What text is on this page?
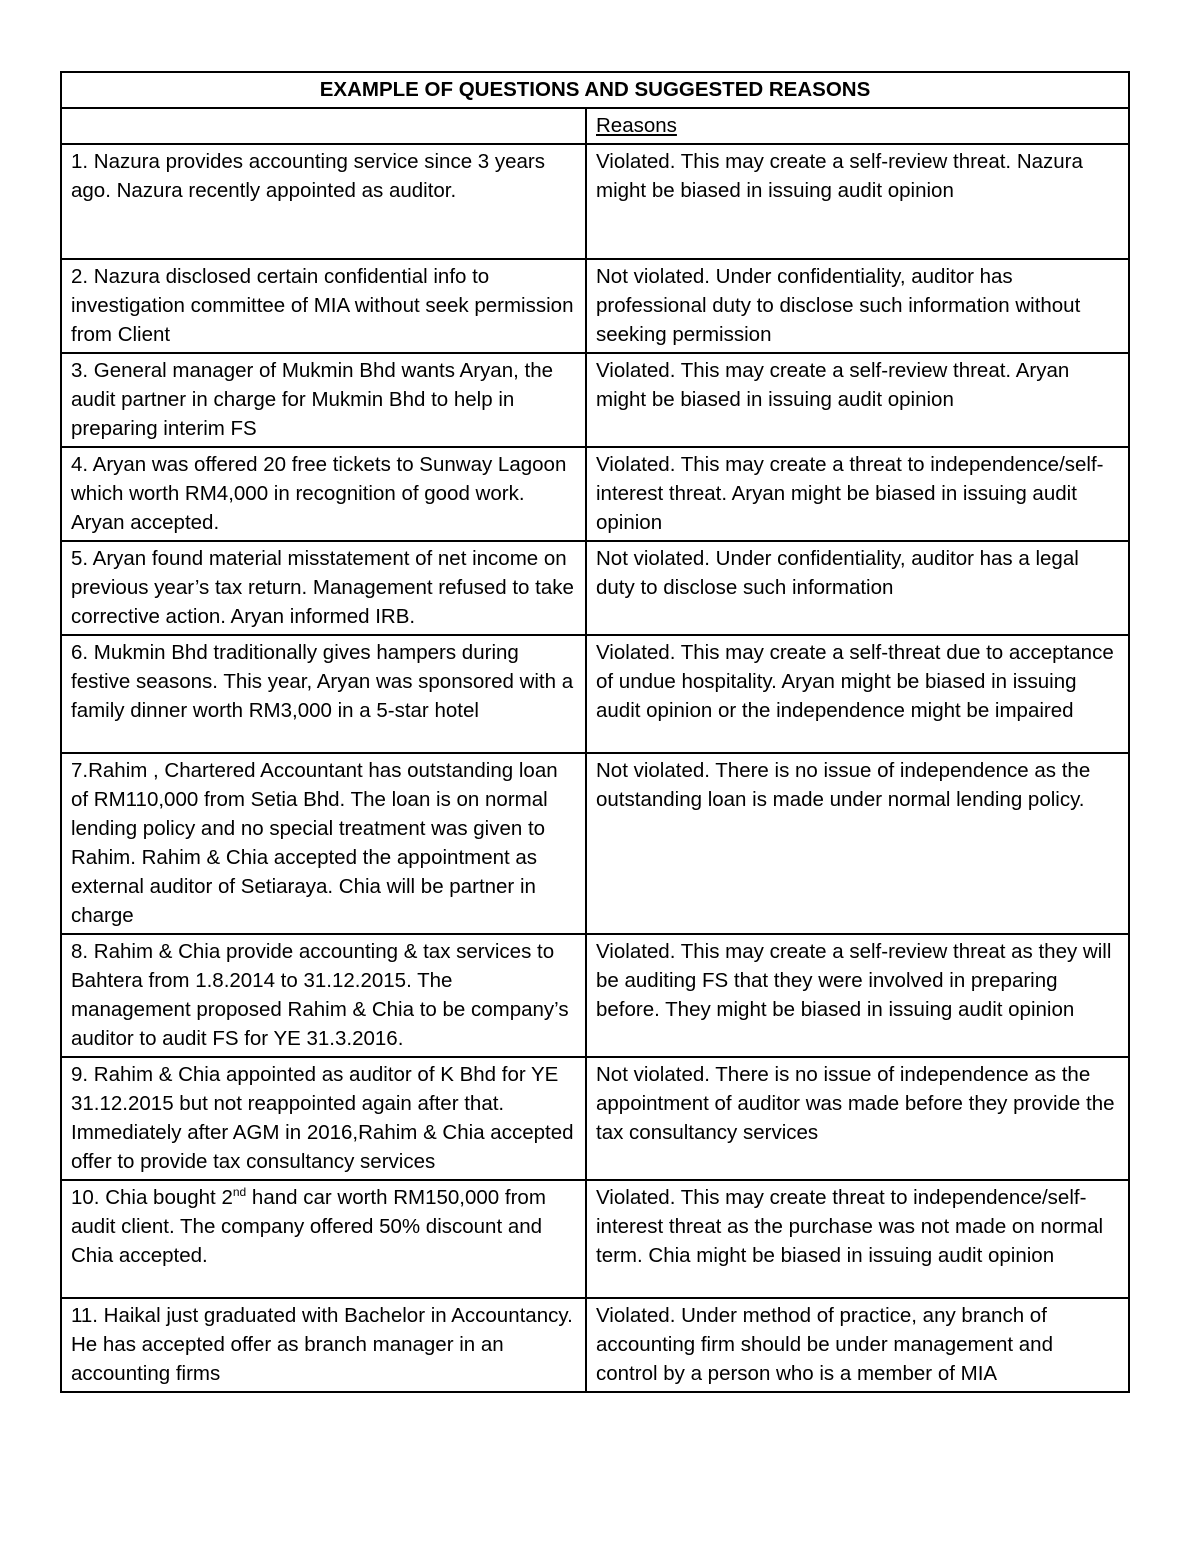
EXAMPLE OF QUESTIONS AND SUGGESTED REASONS	
	Reasons
1. Nazura provides accounting service since 3 years ago. Nazura recently appointed as auditor.	Violated. This may create a self-review threat. Nazura might be biased in issuing audit opinion
2. Nazura disclosed certain confidential info to investigation committee of MIA without seek permission from Client	Not violated. Under confidentiality, auditor has professional duty to disclose such information without seeking permission
3. General manager of Mukmin Bhd wants Aryan, the audit partner in charge for Mukmin Bhd to help in preparing interim FS	Violated. This may create a self-review threat. Aryan might be biased in issuing audit opinion
4. Aryan was offered 20 free tickets to Sunway Lagoon which worth RM4,000 in recognition of good work. Aryan accepted.	Violated. This may create a threat to independence/self-interest threat. Aryan might be biased in issuing audit opinion
5. Aryan found material misstatement of net income on previous year’s tax return. Management refused to take corrective action. Aryan informed IRB.	Not violated. Under confidentiality, auditor has a legal duty to disclose such information
6. Mukmin Bhd traditionally gives hampers during festive seasons. This year, Aryan was sponsored with a family dinner worth RM3,000 in a 5-star hotel	Violated. This may create a self-threat due to acceptance of undue hospitality. Aryan might be biased in issuing audit opinion or the independence might be impaired
7.Rahim , Chartered Accountant has outstanding loan of RM110,000 from Setia Bhd. The loan is on normal lending policy and no special treatment was given to Rahim. Rahim & Chia accepted the appointment as external auditor of Setiaraya. Chia will be partner in charge	Not violated. There is no issue of independence as the outstanding loan is made under normal lending policy.
8. Rahim & Chia provide accounting & tax services to Bahtera from 1.8.2014 to 31.12.2015. The management proposed Rahim & Chia to be company’s auditor to audit FS for YE 31.3.2016.	Violated. This may create a self-review threat as they will be auditing FS that they were involved in preparing before. They might be biased in issuing audit opinion
9. Rahim & Chia appointed as auditor of K Bhd for YE 31.12.2015 but not reappointed again after that. Immediately after AGM in 2016,Rahim & Chia accepted offer to provide tax consultancy services	Not violated. There is no issue of independence as the appointment of auditor was made before they provide the tax consultancy services
10. Chia bought 2nd hand car worth RM150,000 from audit client. The company offered 50% discount and Chia accepted.	Violated. This may create threat to independence/self-interest threat as the purchase was not made on normal term. Chia might be biased in issuing audit opinion
11. Haikal just graduated with Bachelor in Accountancy. He has accepted offer as branch manager in an accounting firms	Violated. Under method of practice, any branch of accounting firm should be under management and control by a person who is a member of MIA
